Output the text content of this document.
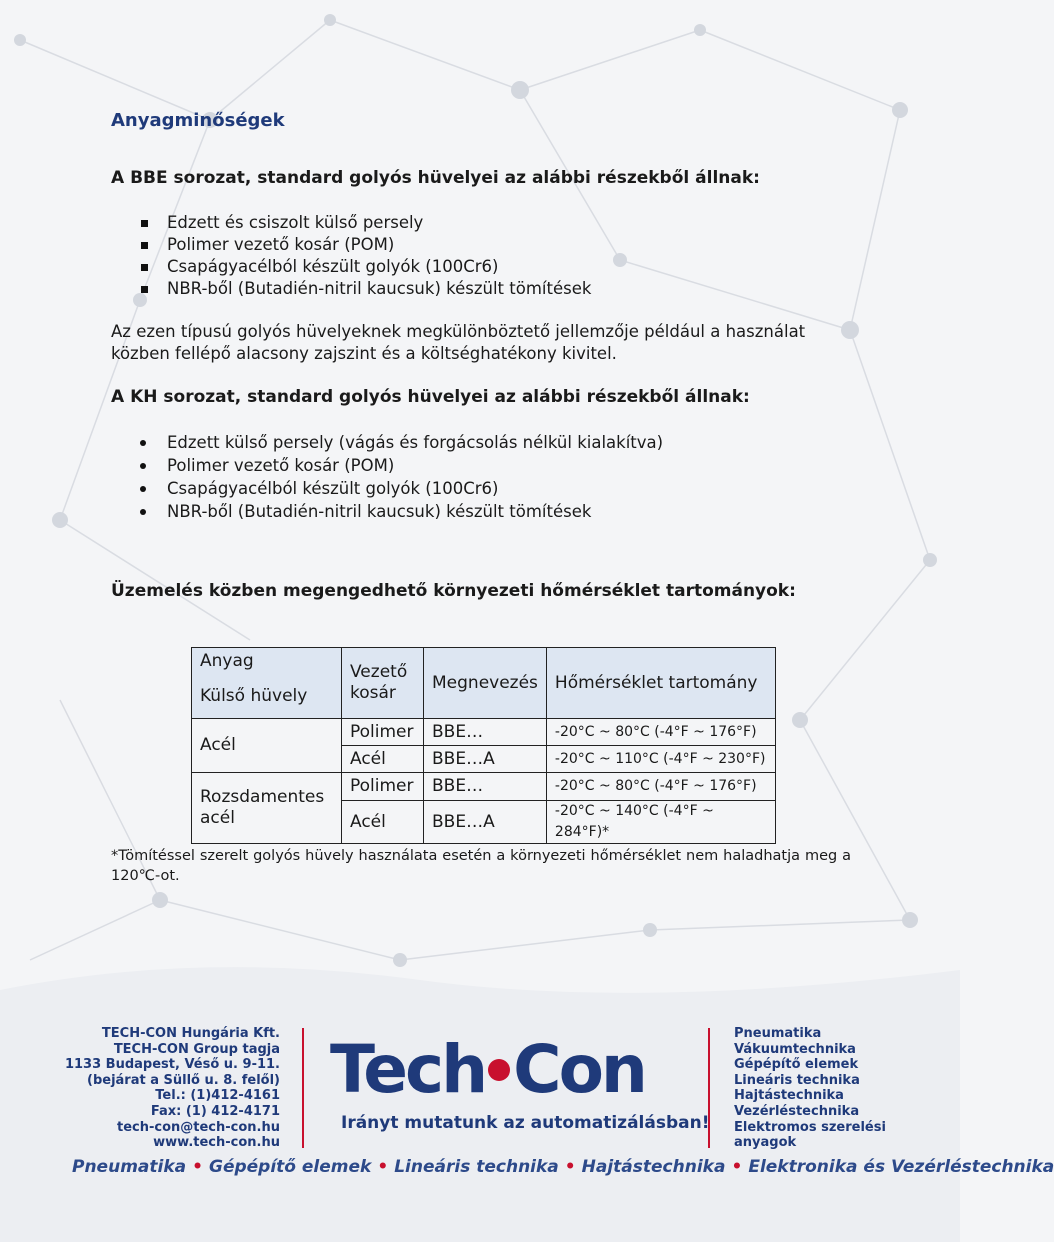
Anyagminőségek
A BBE sorozat, standard golyós hüvelyei az alábbi részekből állnak:
Edzett és csiszolt külső persely
Polimer vezető kosár (POM)
Csapágyacélból készült golyók (100Cr6)
NBR-ből (Butadién-nitril kaucsuk) készült tömítések
Az ezen típusú golyós hüvelyeknek megkülönböztető jellemzője például a használat közben fellépő alacsony zajszint és a költséghatékony kivitel.
A KH sorozat, standard golyós hüvelyei az alábbi részekből állnak:
Edzett külső persely (vágás és forgácsolás nélkül kialakítva)
Polimer vezető kosár (POM)
Csapágyacélból készült golyók (100Cr6)
NBR-ből (Butadién-nitril kaucsuk) készült tömítések
Üzemelés közben megengedhető környezeti hőmérséklet tartományok:
Anyag	Vezető kosár	Megnevezés	Hőmérséklet tartomány
Külső hüvely			
Acél	Polimer	BBE…	-20°C ~ 80°C (-4°F ~ 176°F)
	Acél	BBE…A	-20°C ~ 110°C (-4°F ~ 230°F)
Rozsdamentes acél	Polimer	BBE…	-20°C ~ 80°C (-4°F ~ 176°F)
	Acél	BBE…A	-20°C ~ 140°C (-4°F ~ 284°F)*
*Tömítéssel szerelt golyós hüvely használata esetén a környezeti hőmérséklet nem haladhatja meg a 120℃-ot.
TECH-CON Hungária Kft.
TECH-CON Group tagja
1133 Budapest, Véső u. 9-11.
(bejárat a Süllő u. 8. felől)
Tel.: (1)412-4161
Fax: (1) 412-4171
tech-con@tech-con.hu
www.tech-con.hu
Tech Con
Irányt mutatunk az automatizálásban!
Pneumatika
Vákuumtechnika
Gépépítő elemek
Lineáris technika
Hajtástechnika
Vezérléstechnika
Elektromos szerelési
anyagok
Pneumatika • Gépépítő elemek • Lineáris technika • Hajtástechnika • Elektronika és Vezérléstechnika
